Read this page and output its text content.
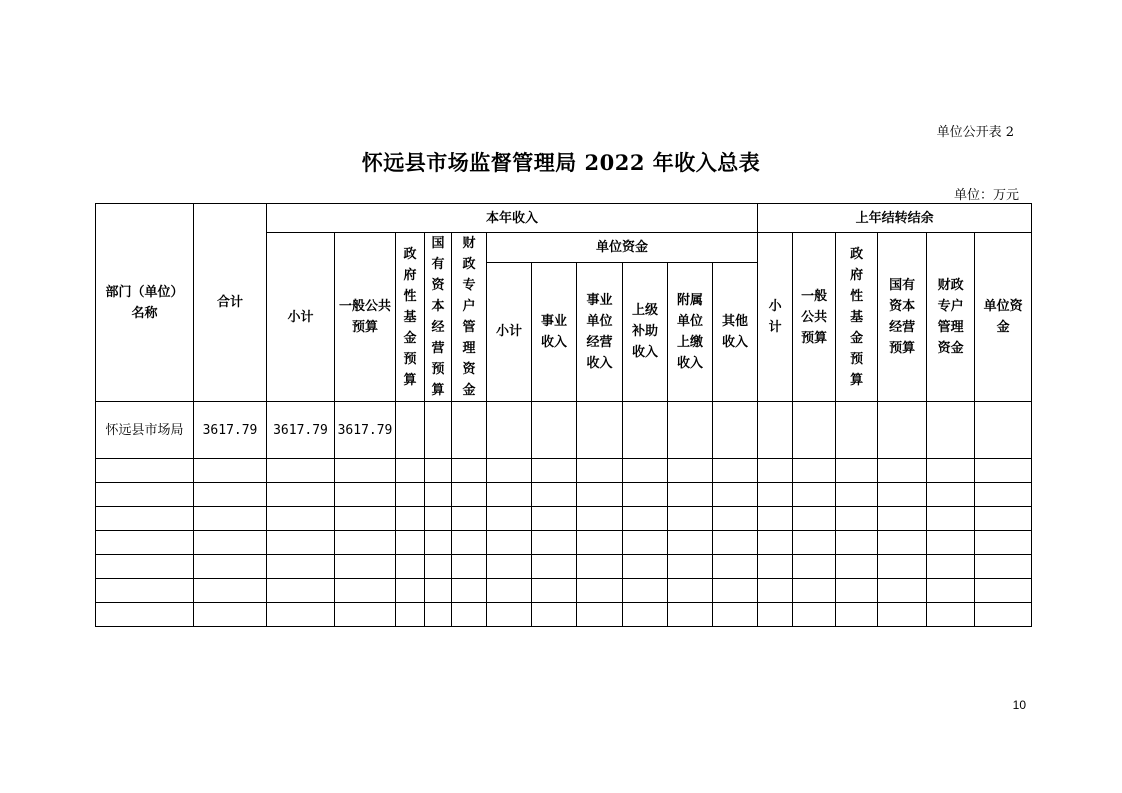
单位公开表 2
怀远县市场监督管理局 2022 年收入总表
单位：万元
部门（单位）名称	合计	本年收入											上年结转结余					
		小计	一般公共预算	政府性基金预算	国有资本经营预算	财政专户管理资金	单位资金						小计	一般公共预算	政府性基金预算	国有资本经营预算	财政专户管理资金	单位资金

							小计	事业收入	事业单位经营收入	上级补助收入	附属单位上缴收入	其他收入						

怀远县市场局	3617.79	3617.79	3617.79															

10
